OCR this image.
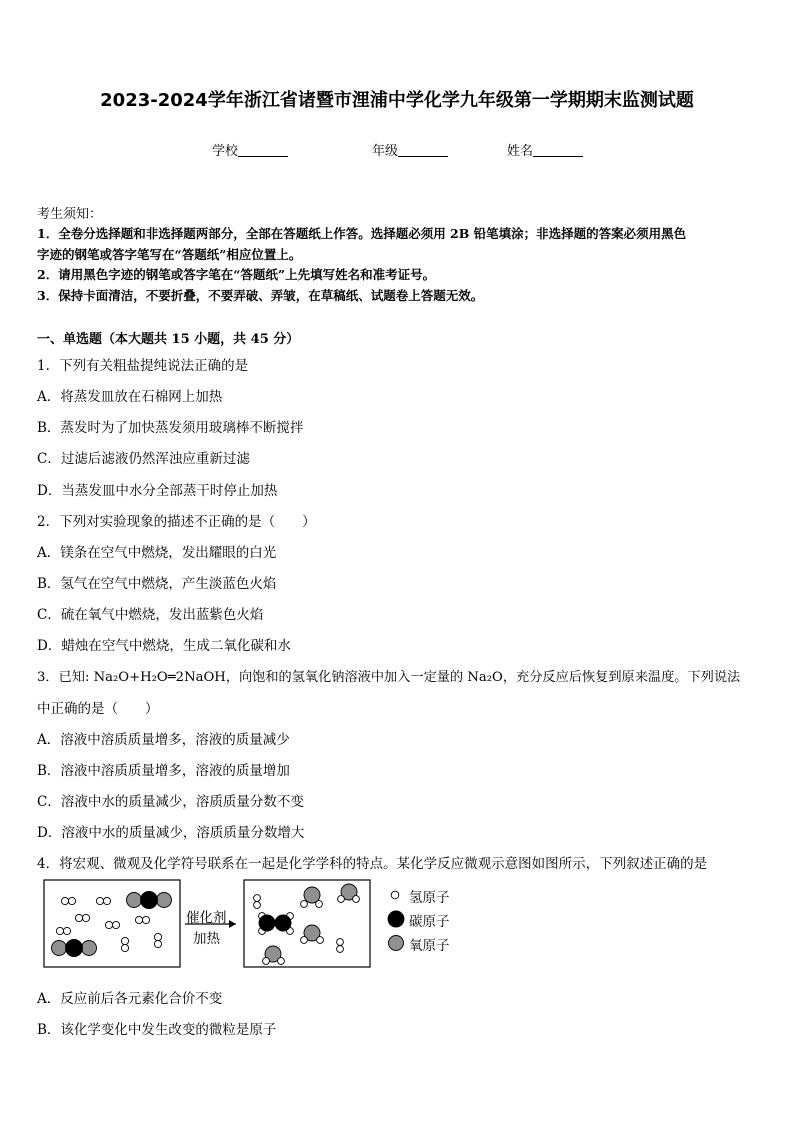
2023-2024学年浙江省诸暨市浬浦中学化学九年级第一学期期末监测试题
学校	年级	姓名
考生须知：
1．全卷分选择题和非选择题两部分，全部在答题纸上作答。选择题必须用 2B 铅笔填涂；非选择题的答案必须用黑色
字迹的钢笔或答字笔写在“答题纸”相应位置上。
2．请用黑色字迹的钢笔或答字笔在“答题纸”上先填写姓名和准考证号。
3．保持卡面清洁，不要折叠，不要弄破、弄皱，在草稿纸、试题卷上答题无效。
一、单选题（本大题共 15 小题，共 45 分）
1．下列有关粗盐提纯说法正确的是
A．将蒸发皿放在石棉网上加热
B．蒸发时为了加快蒸发须用玻璃棒不断搅拌
C．过滤后滤液仍然浑浊应重新过滤
D．当蒸发皿中水分全部蒸干时停止加热
2．下列对实验现象的描述不正确的是（　　）
A．镁条在空气中燃烧，发出耀眼的白光
B．氢气在空气中燃烧，产生淡蓝色火焰
C．硫在氧气中燃烧，发出蓝紫色火焰
D．蜡烛在空气中燃烧，生成二氧化碳和水
3．已知: Na₂O+H₂O═2NaOH，向饱和的氢氧化钠溶液中加入一定量的 Na₂O，充分反应后恢复到原来温度。下列说法
中正确的是（　　）
A．溶液中溶质质量增多，溶液的质量减少
B．溶液中溶质质量增多，溶液的质量增加
C．溶液中水的质量减少，溶质质量分数不变
D．溶液中水的质量减少，溶质质量分数增大
4．将宏观、微观及化学符号联系在一起是化学学科的特点。某化学反应微观示意图如图所示，下列叙述正确的是
催化剂
加热
氢原子
碳原子
氧原子
A．反应前后各元素化合价不变
B．该化学变化中发生改变的微粒是原子
